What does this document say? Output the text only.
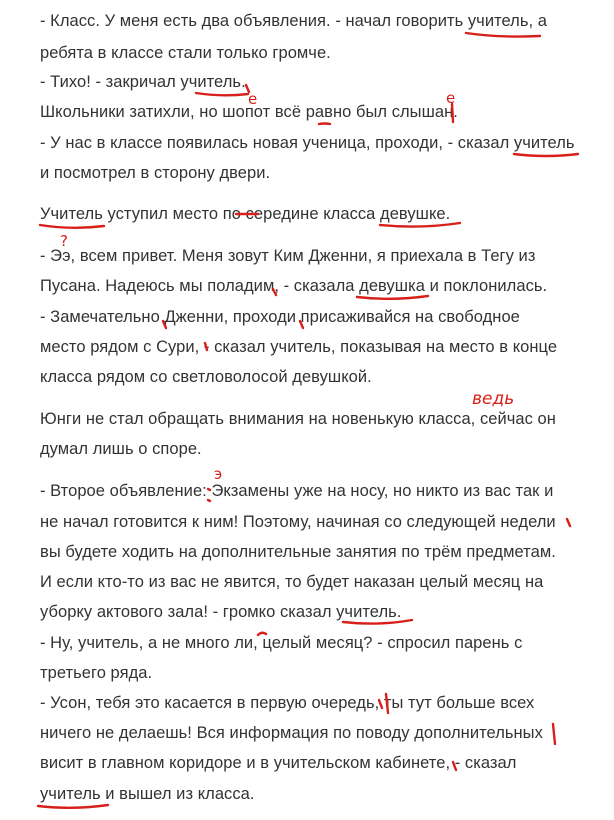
- Класс. У меня есть два объявления. - начал говорить учитель, а
ребята в классе стали только громче.
- Тихо! - закричал учитель.
Школьники затихли, но шопот всё равно был слышан.
- У нас в классе появилась новая ученица, проходи, - сказал учитель
и посмотрел в сторону двери.
Учитель уступил место по середине класса девушке.
- Ээ, всем привет. Меня зовут Ким Дженни, я приехала в Тегу из
Пусана. Надеюсь мы поладим, - сказала девушка и поклонилась.
- Замечательно Дженни, проходи присаживайся на свободное
место рядом с Сури, - сказал учитель, показывая на место в конце
класса рядом со светловолосой девушкой.
Юнги не стал обращать внимания на новенькую класса, сейчас он
думал лишь о споре.
- Второе объявление: Экзамены уже на носу, но никто из вас так и
не начал готовится к ним! Поэтому, начиная со следующей недели
вы будете ходить на дополнительные занятия по трём предметам.
И если кто-то из вас не явится, то будет наказан целый месяц на
уборку актового зала! - громко сказал учитель.
- Ну, учитель, а не много ли, целый месяц? - спросил парень с
третьего ряда.
- Усон, тебя это касается в первую очередь, ты тут больше всех
ничего не делаешь! Вся информация по поводу дополнительных
висит в главном коридоре и в учительском кабинете, - сказал
учитель и вышел из класса.
е	е
?
ведь
э
